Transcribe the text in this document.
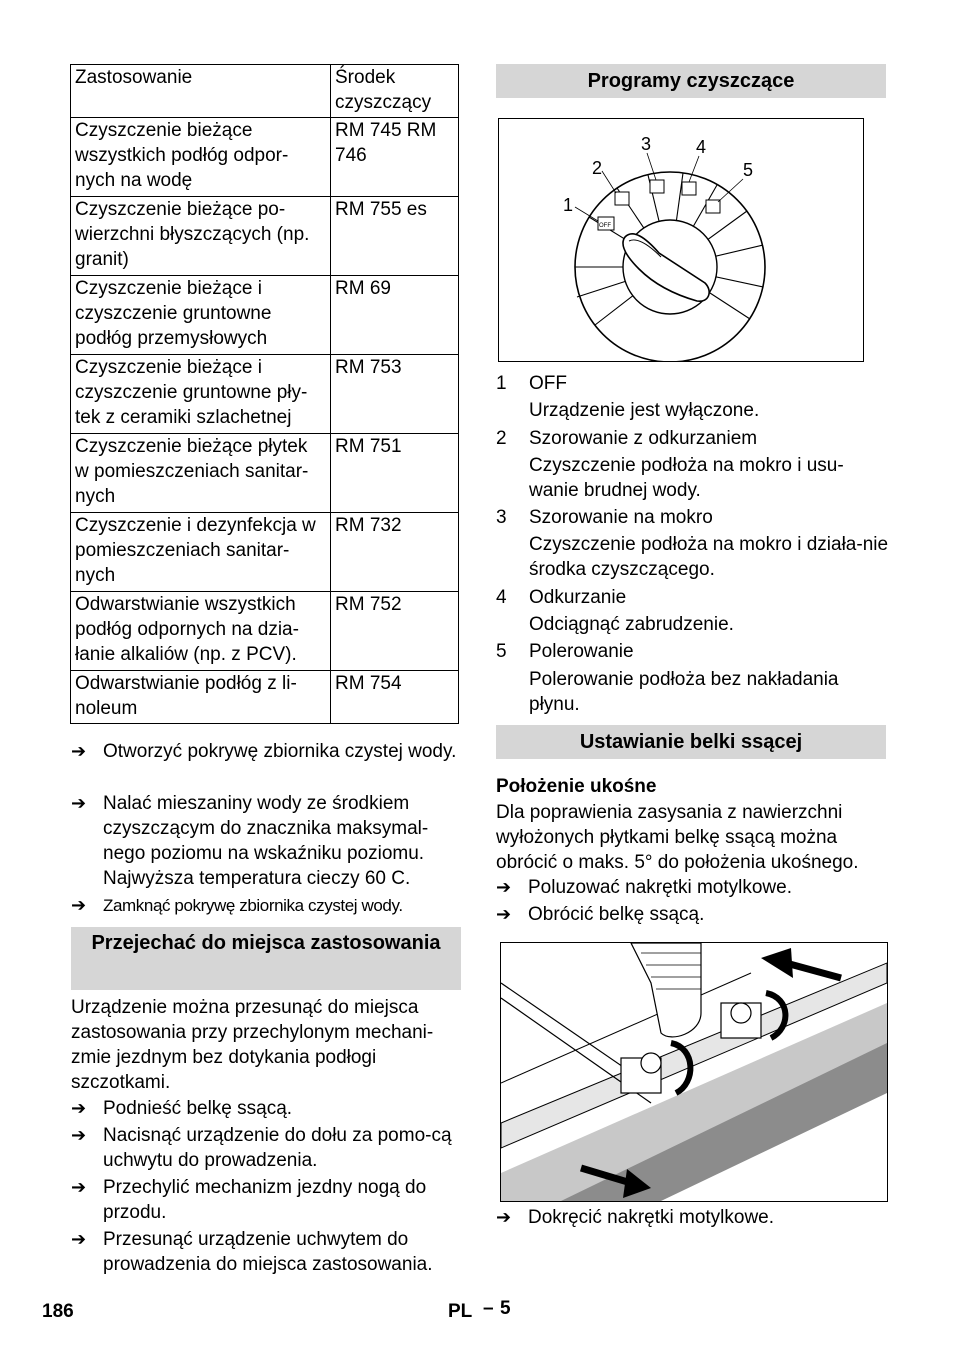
Zastosowanie	Środek czyszczący
Czyszczenie bieżące wszystkich podłóg odpor-nych na wodę	RM 745 RM 746
Czyszczenie bieżące po-wierzchni błyszczących (np. granit)	RM 755 es
Czyszczenie bieżące i czyszczenie gruntowne podłóg przemysłowych	RM 69
Czyszczenie bieżące i czyszczenie gruntowne pły-tek z ceramiki szlachetnej	RM 753
Czyszczenie bieżące płytek w pomieszczeniach sanitar-nych	RM 751
Czyszczenie i dezynfekcja w pomieszczeniach sanitar-nych	RM 732
Odwarstwianie wszystkich podłóg odpornych na dzia-łanie alkaliów (np. z PCV).	RM 752
Odwarstwianie podłóg z li-noleum	RM 754
➔ Otworzyć pokrywę zbiornika czystej wody.
➔ Nalać mieszaniny wody ze środkiem czyszczącym do znacznika maksymal-nego poziomu na wskaźniku poziomu. Najwyższa temperatura cieczy 60 C.
➔ Zamknąć pokrywę zbiornika czystej wody.
Przejechać do miejsca zastosowania
Urządzenie można przesunąć do miejsca zastosowania przy przechylonym mechani-zmie jezdnym bez dotykania podłogi szczotkami.
➔ Podnieść belkę ssącą.
➔ Nacisnąć urządzenie do dołu za pomo-cą uchwytu do prowadzenia.
➔ Przechylić mechanizm jezdny nogą do przodu.
➔ Przesunąć urządzenie uchwytem do prowadzenia do miejsca zastosowania.
Programy czyszczące
OFF
1
2
3 4
5
1	OFF
Urządzenie jest wyłączone.
2	Szorowanie z odkurzaniem
Czyszczenie podłoża na mokro i usu-wanie brudnej wody.
3	Szorowanie na mokro
Czyszczenie podłoża na mokro i działa-nie środka czyszczącego.
4	Odkurzanie
Odciągnąć zabrudzenie.
5	Polerowanie
Polerowanie podłoża bez nakładania płynu.
Ustawianie belki ssącej
Położenie ukośne
Dla poprawienia zasysania z nawierzchni wyłożonych płytkami belkę ssącą można obrócić o maks. 5° do położenia ukośnego.
➔ Poluzować nakrętki motylkowe.
➔ Obrócić belkę ssącą.
➔ Dokręcić nakrętki motylkowe.
186	PL – 5
